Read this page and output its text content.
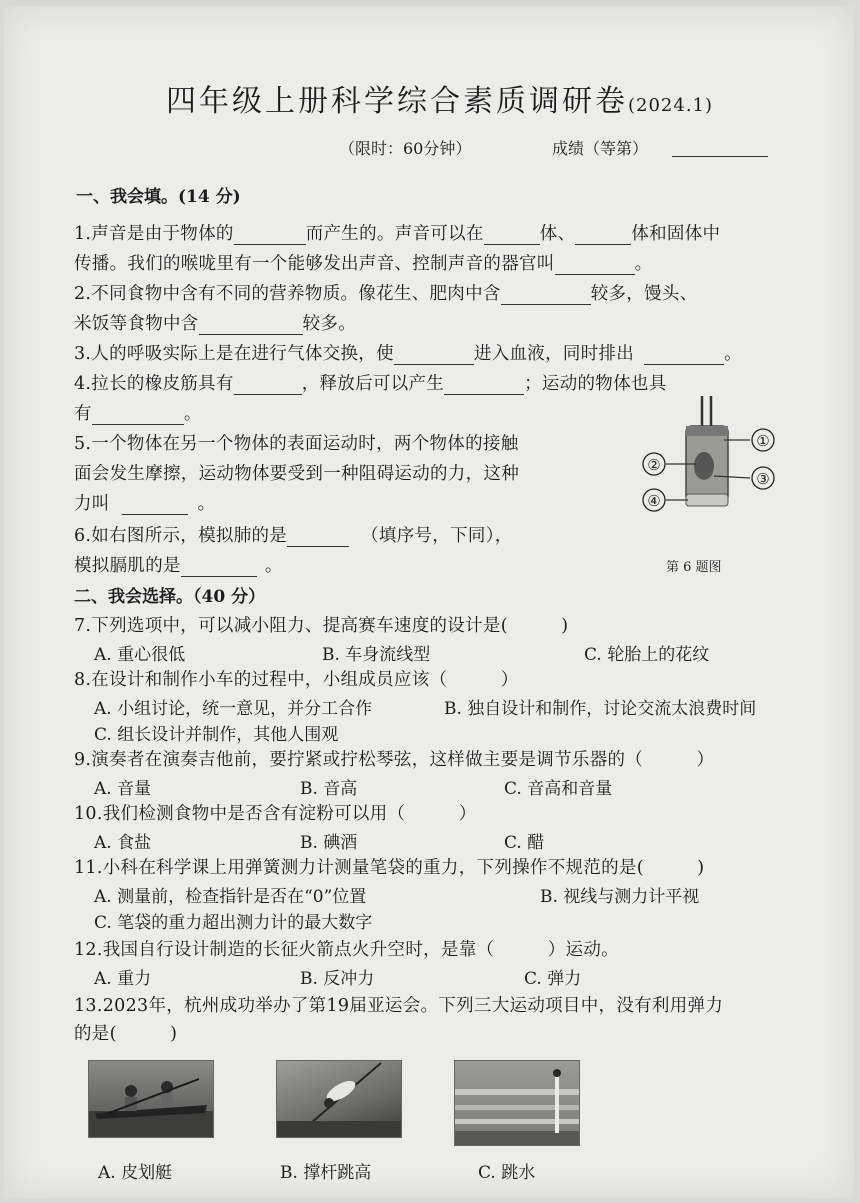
四年级上册科学综合素质调研卷(2024.1)
（限时：60分钟）	成绩（等第）
一、我会填。(14 分)
1.声音是由于物体的	而产生的。声音可以在	体、	体和固体中
传播。我们的喉咙里有一个能够发出声音、控制声音的器官叫	。
2.不同食物中含有不同的营养物质。像花生、肥肉中含	较多，馒头、
米饭等食物中含	较多。
3.人的呼吸实际上是在进行气体交换，使	进入血液，同时排出	。
4.拉长的橡皮筋具有	，释放后可以产生	；运动的物体也具
有	。
5.一个物体在另一个物体的表面运动时，两个物体的接触
面会发生摩擦，运动物体要受到一种阻碍运动的力，这种
力叫	。
6.如右图所示，模拟肺的是	（填序号，下同），
模拟膈肌的是	。
①
②
③
④
第 6 题图
二、我会选择。（40 分）
7.下列选项中，可以减小阻力、提高赛车速度的设计是(　　　)
A. 重心很低	B. 车身流线型	C. 轮胎上的花纹
8.在设计和制作小车的过程中，小组成员应该（　　　）
A. 小组讨论，统一意见，并分工合作	B. 独自设计和制作，讨论交流太浪费时间
C. 组长设计并制作，其他人围观
9.演奏者在演奏吉他前，要拧紧或拧松琴弦，这样做主要是调节乐器的（　　　）
A. 音量	B. 音高	C. 音高和音量
10.我们检测食物中是否含有淀粉可以用（　　　）
A. 食盐	B. 碘酒	C. 醋
11.小科在科学课上用弹簧测力计测量笔袋的重力，下列操作不规范的是(　　　)
A. 测量前，检查指针是否在“0”位置	B. 视线与测力计平视
C. 笔袋的重力超出测力计的最大数字
12.我国自行设计制造的长征火箭点火升空时，是靠（　　　）运动。
A. 重力	B. 反冲力	C. 弹力
13.2023年，杭州成功举办了第19届亚运会。下列三大运动项目中，没有利用弹力
的是(　　　)
A. 皮划艇	B. 撑杆跳高	C. 跳水
